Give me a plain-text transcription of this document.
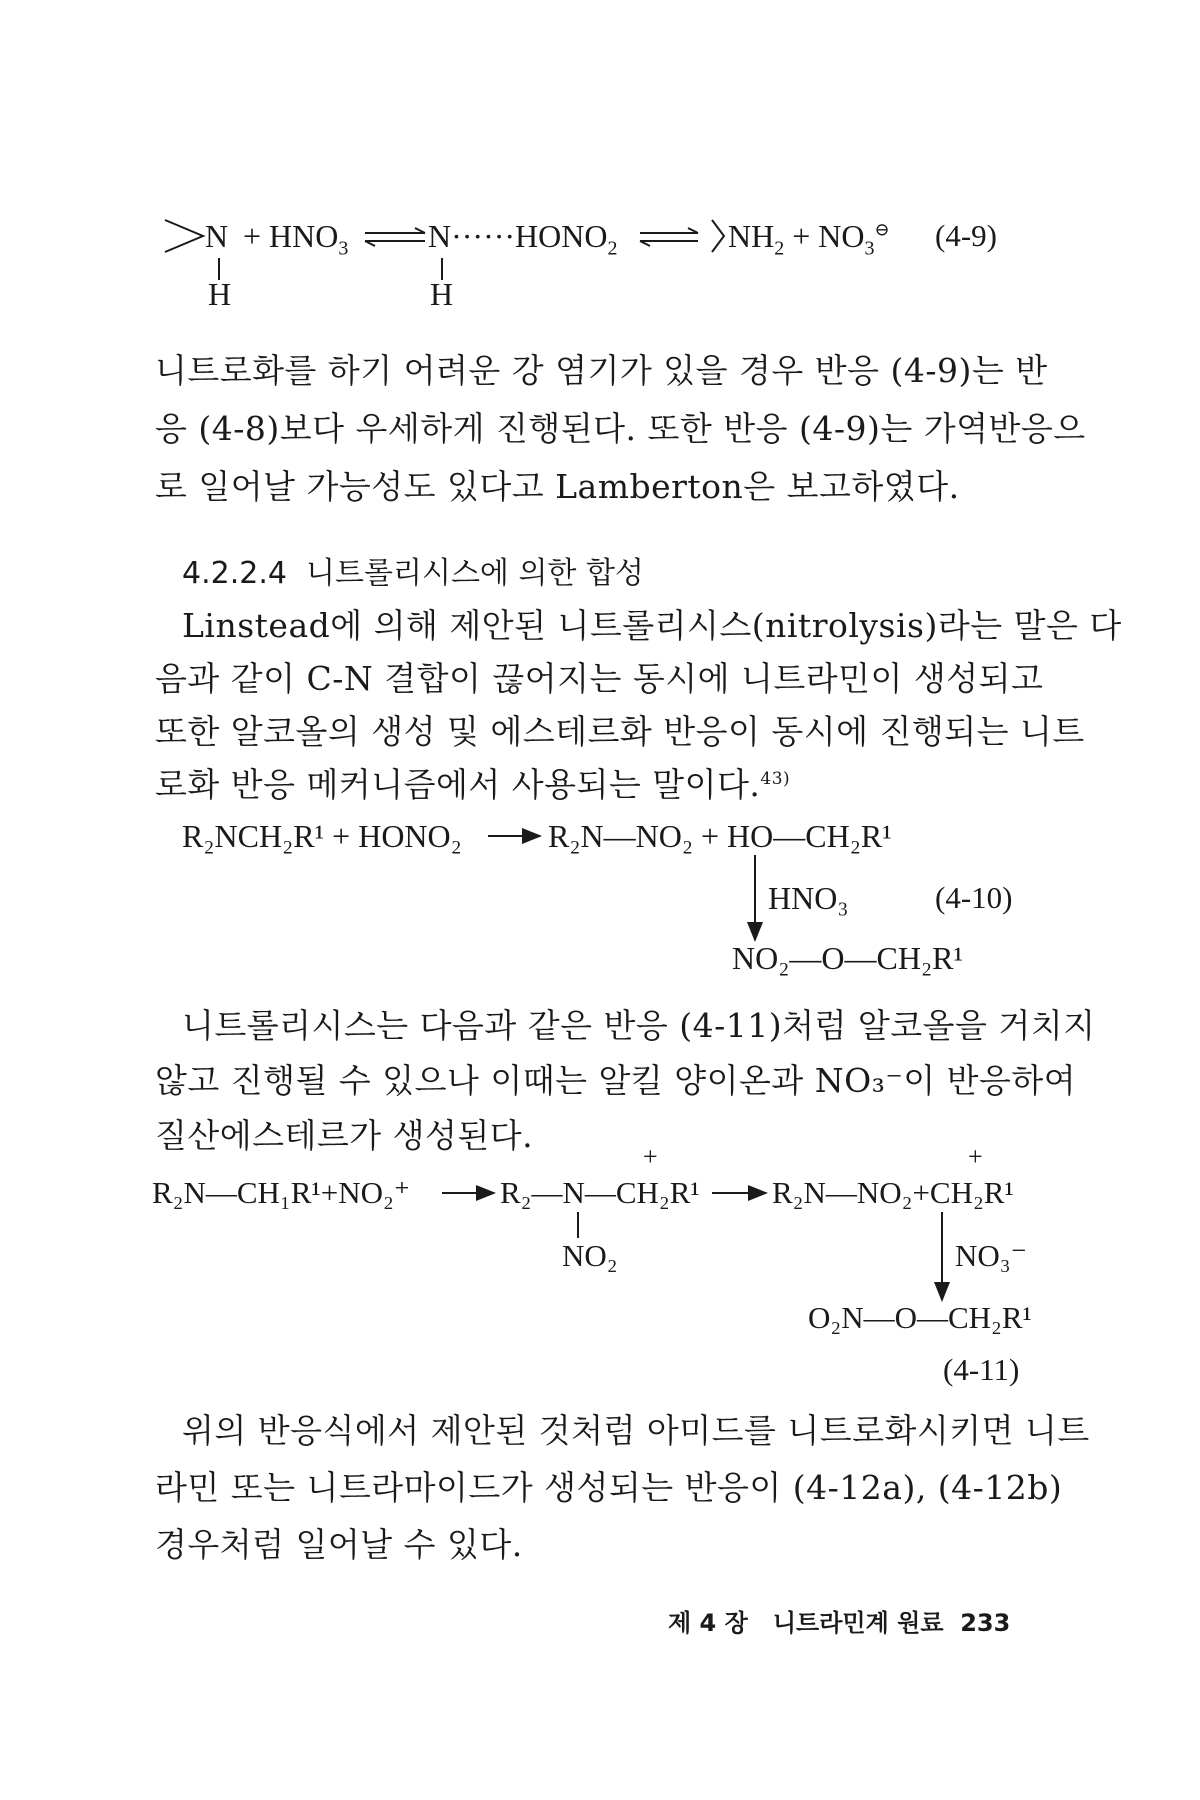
$N + HNO_3$ $N\cdot\cdot\cdot\cdot\cdot\cdot HONO_2$	$NH_2 + NO_3^⊖$
H	H
(4-9)
니트로화를 하기 어려운 강 염기가 있을 경우 반응 (4-9)는 반
응 (4-8)보다 우세하게 진행된다. 또한 반응 (4-9)는 가역반응으
로 일어날 가능성도 있다고 Lamberton은 보고하였다.
4.2.2.4 니트롤리시스에 의한 합성
Linstead에 의해 제안된 니트롤리시스(nitrolysis)라는 말은 다
음과 같이 C-N 결합이 끊어지는 동시에 니트라민이 생성되고
또한 알코올의 생성 및 에스테르화 반응이 동시에 진행되는 니트
로화 반응 메커니즘에서 사용되는 말이다.$^{43)}$
R₂NCH₂R¹ + HONO₂	R₂N—NO₂ + HO—CH₂R¹
HNO₃	(4-10)
NO₂—O—CH₂R¹
니트롤리시스는 다음과 같은 반응 (4-11)처럼 알코올을 거치지
않고 진행될 수 있으나 이때는 알킬 양이온과 NO₃⁻이 반응하여
질산에스테르가 생성된다.
+	+
R₂N—CH₁R¹+NO₂⁺	R₂—N—CH₂R¹ R₂N—NO₂+CH₂R¹
NO₂	NO₃⁻
O₂N—O—CH₂R¹
(4-11)
위의 반응식에서 제안된 것처럼 아미드를 니트로화시키면 니트
라민 또는 니트라마이드가 생성되는 반응이 (4-12a), (4-12b)
경우처럼 일어날 수 있다.
제 4 장 니트라민계 원료 233
